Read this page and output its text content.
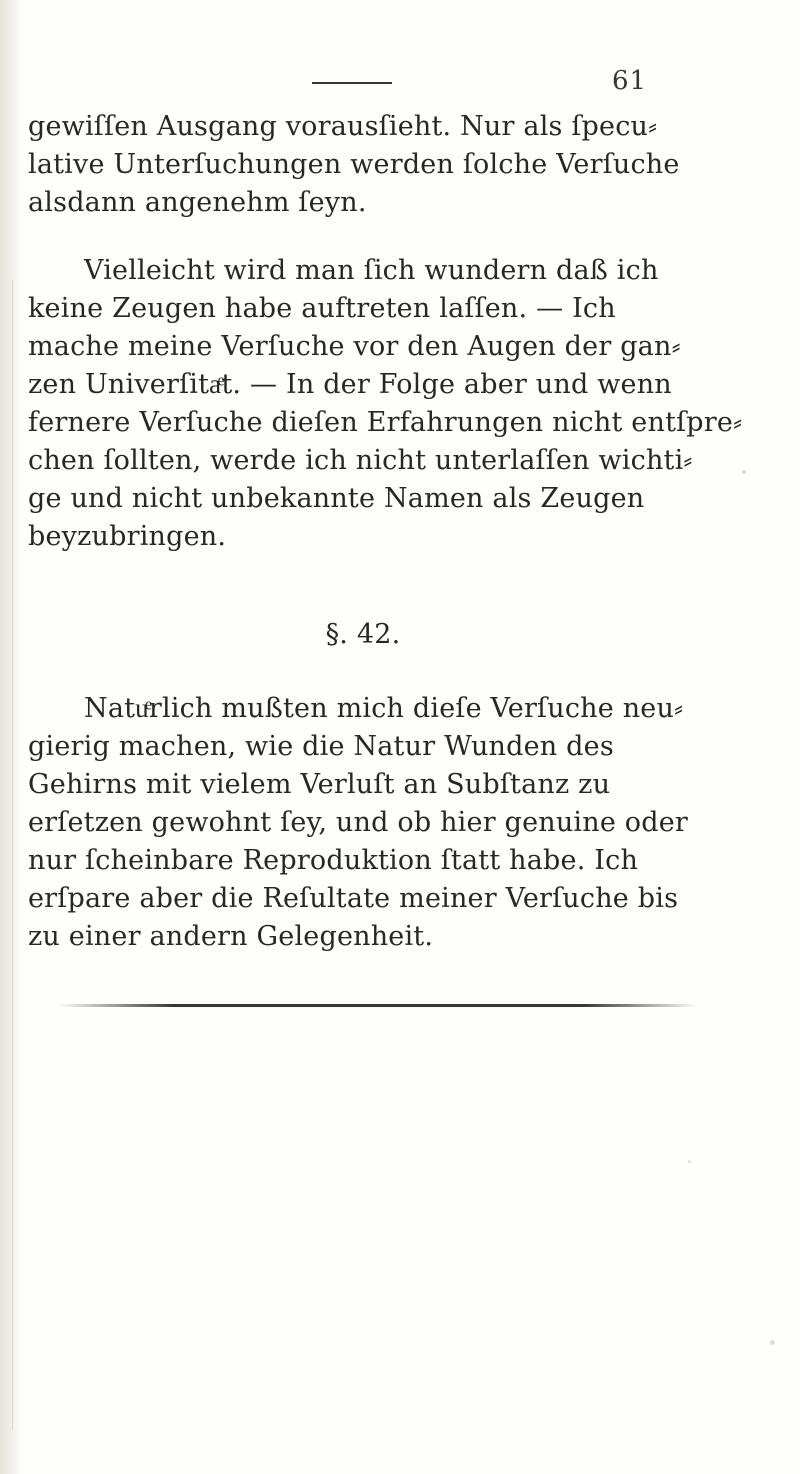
61
gewiſſen Ausgang vorausſieht. Nur als ſpecu⸗
lative Unterſuchungen werden ſolche Verſuche
alsdann angenehm ſeyn.
Vielleicht wird man ſich wundern daß ich
keine Zeugen habe auftreten laſſen. — Ich
mache meine Verſuche vor den Augen der gan⸗
zen Univerſitaͤt. — In der Folge aber und wenn
fernere Verſuche dieſen Erfahrungen nicht entſpre⸗
chen ſollten, werde ich nicht unterlaſſen wichti⸗
ge und nicht unbekannte Namen als Zeugen
beyzubringen.
§. 42.
Natuͤrlich mußten mich dieſe Verſuche neu⸗
gierig machen, wie die Natur Wunden des
Gehirns mit vielem Verluſt an Subſtanz zu
erſetzen gewohnt ſey, und ob hier genuine oder
nur ſcheinbare Reproduktion ſtatt habe. Ich
erſpare aber die Reſultate meiner Verſuche bis
zu einer andern Gelegenheit.
